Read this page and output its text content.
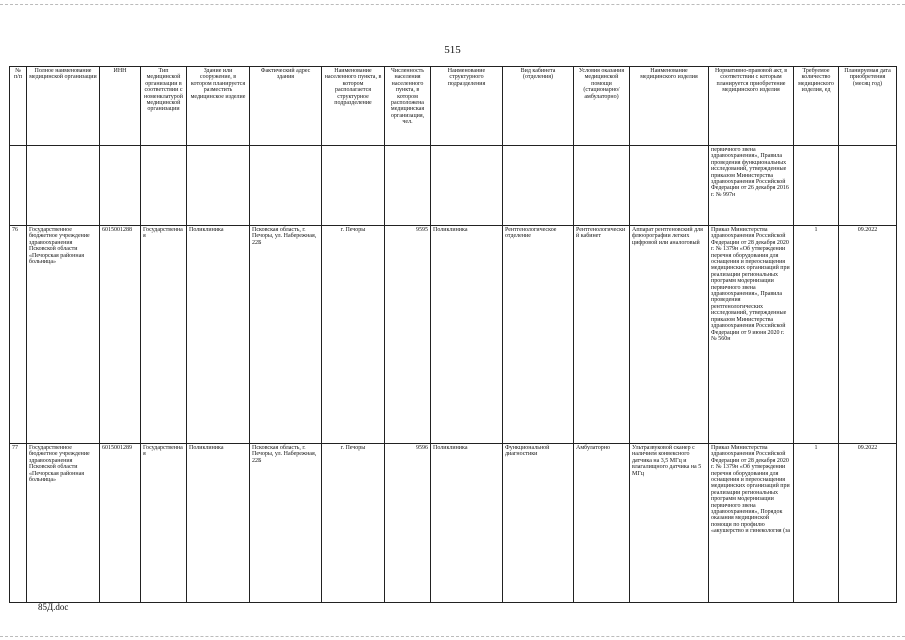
515
№ п/п	Полное наименование медицинской организации	ИНН	Тип медицинской организации в соответствии с номенклатурой медицинской организации	Здание или сооружение, в котором планируется разместить медицинское изделие	Фактический адрес здания	Наименование населенного пункта, в котором располагается структурное подразделение	Численность населения населенного пункта, в котором расположена медицинская организация, чел.	Наименование структурного подразделения	Вид кабинета (отделения)	Условия оказания медицинской помощи (стационарно/ амбулаторно)	Наименование медицинского изделия	Нормативно-правовой акт, в соответствии с которым планируется приобретение медицинского изделия	Требуемое количество медицинского изделия, ед	Планируемая дата приобретения (месяц год)
												первичного звена здравоохранения», Правила проведения функциональных исследований, утвержденные приказом Министерства здравоохранения Российской Федерации от 26 декабря 2016 г. № 997н		
76	Государственное бюджетное учреждение здравоохранения Псковской области «Печорская районная больница»	6015001288	Государственная	Поликлиника	Псковская область, г. Печоры, ул. Набережная, 22Б	г. Печоры	9595	Поликлиника	Рентгенологическое отделение	Рентгенологический кабинет	Аппарат рентгеновский для флюорографии легких цифровой или аналоговый	Приказ Министерства здравоохранения Российской Федерации от 28 декабря 2020 г. № 1379н «Об утверждении перечня оборудования для оснащения и переоснащения медицинских организаций при реализации региональных программ модернизации первичного звена здравоохранения», Правила проведения рентгенологических исследований, утвержденные приказом Министерства здравоохранения Российской Федерации от 9 июня 2020 г. № 560н	1	09.2022
77	Государственное бюджетное учреждение здравоохранения Псковской области «Печорская районная больница»	6015001289	Государственная	Поликлиника	Псковская область, г. Печоры, ул. Набережная, 22Б	г. Печоры	9596	Поликлиника	Функциональной диагностики	Амбулаторно	Ультразвуковой сканер с наличием конвексного датчика на 3,5 МГц и влагалищного датчика на 5 МГц	Приказ Министерства здравоохранения Российской Федерации от 28 декабря 2020 г. № 1379н «Об утверждении перечня оборудования для оснащения и переоснащения медицинских организаций при реализации региональных программ модернизации первичного звена здравоохранения», Порядок оказания медицинской помощи по профилю «акушерство и гинекология (за	1	09.2022
85Д.doc
